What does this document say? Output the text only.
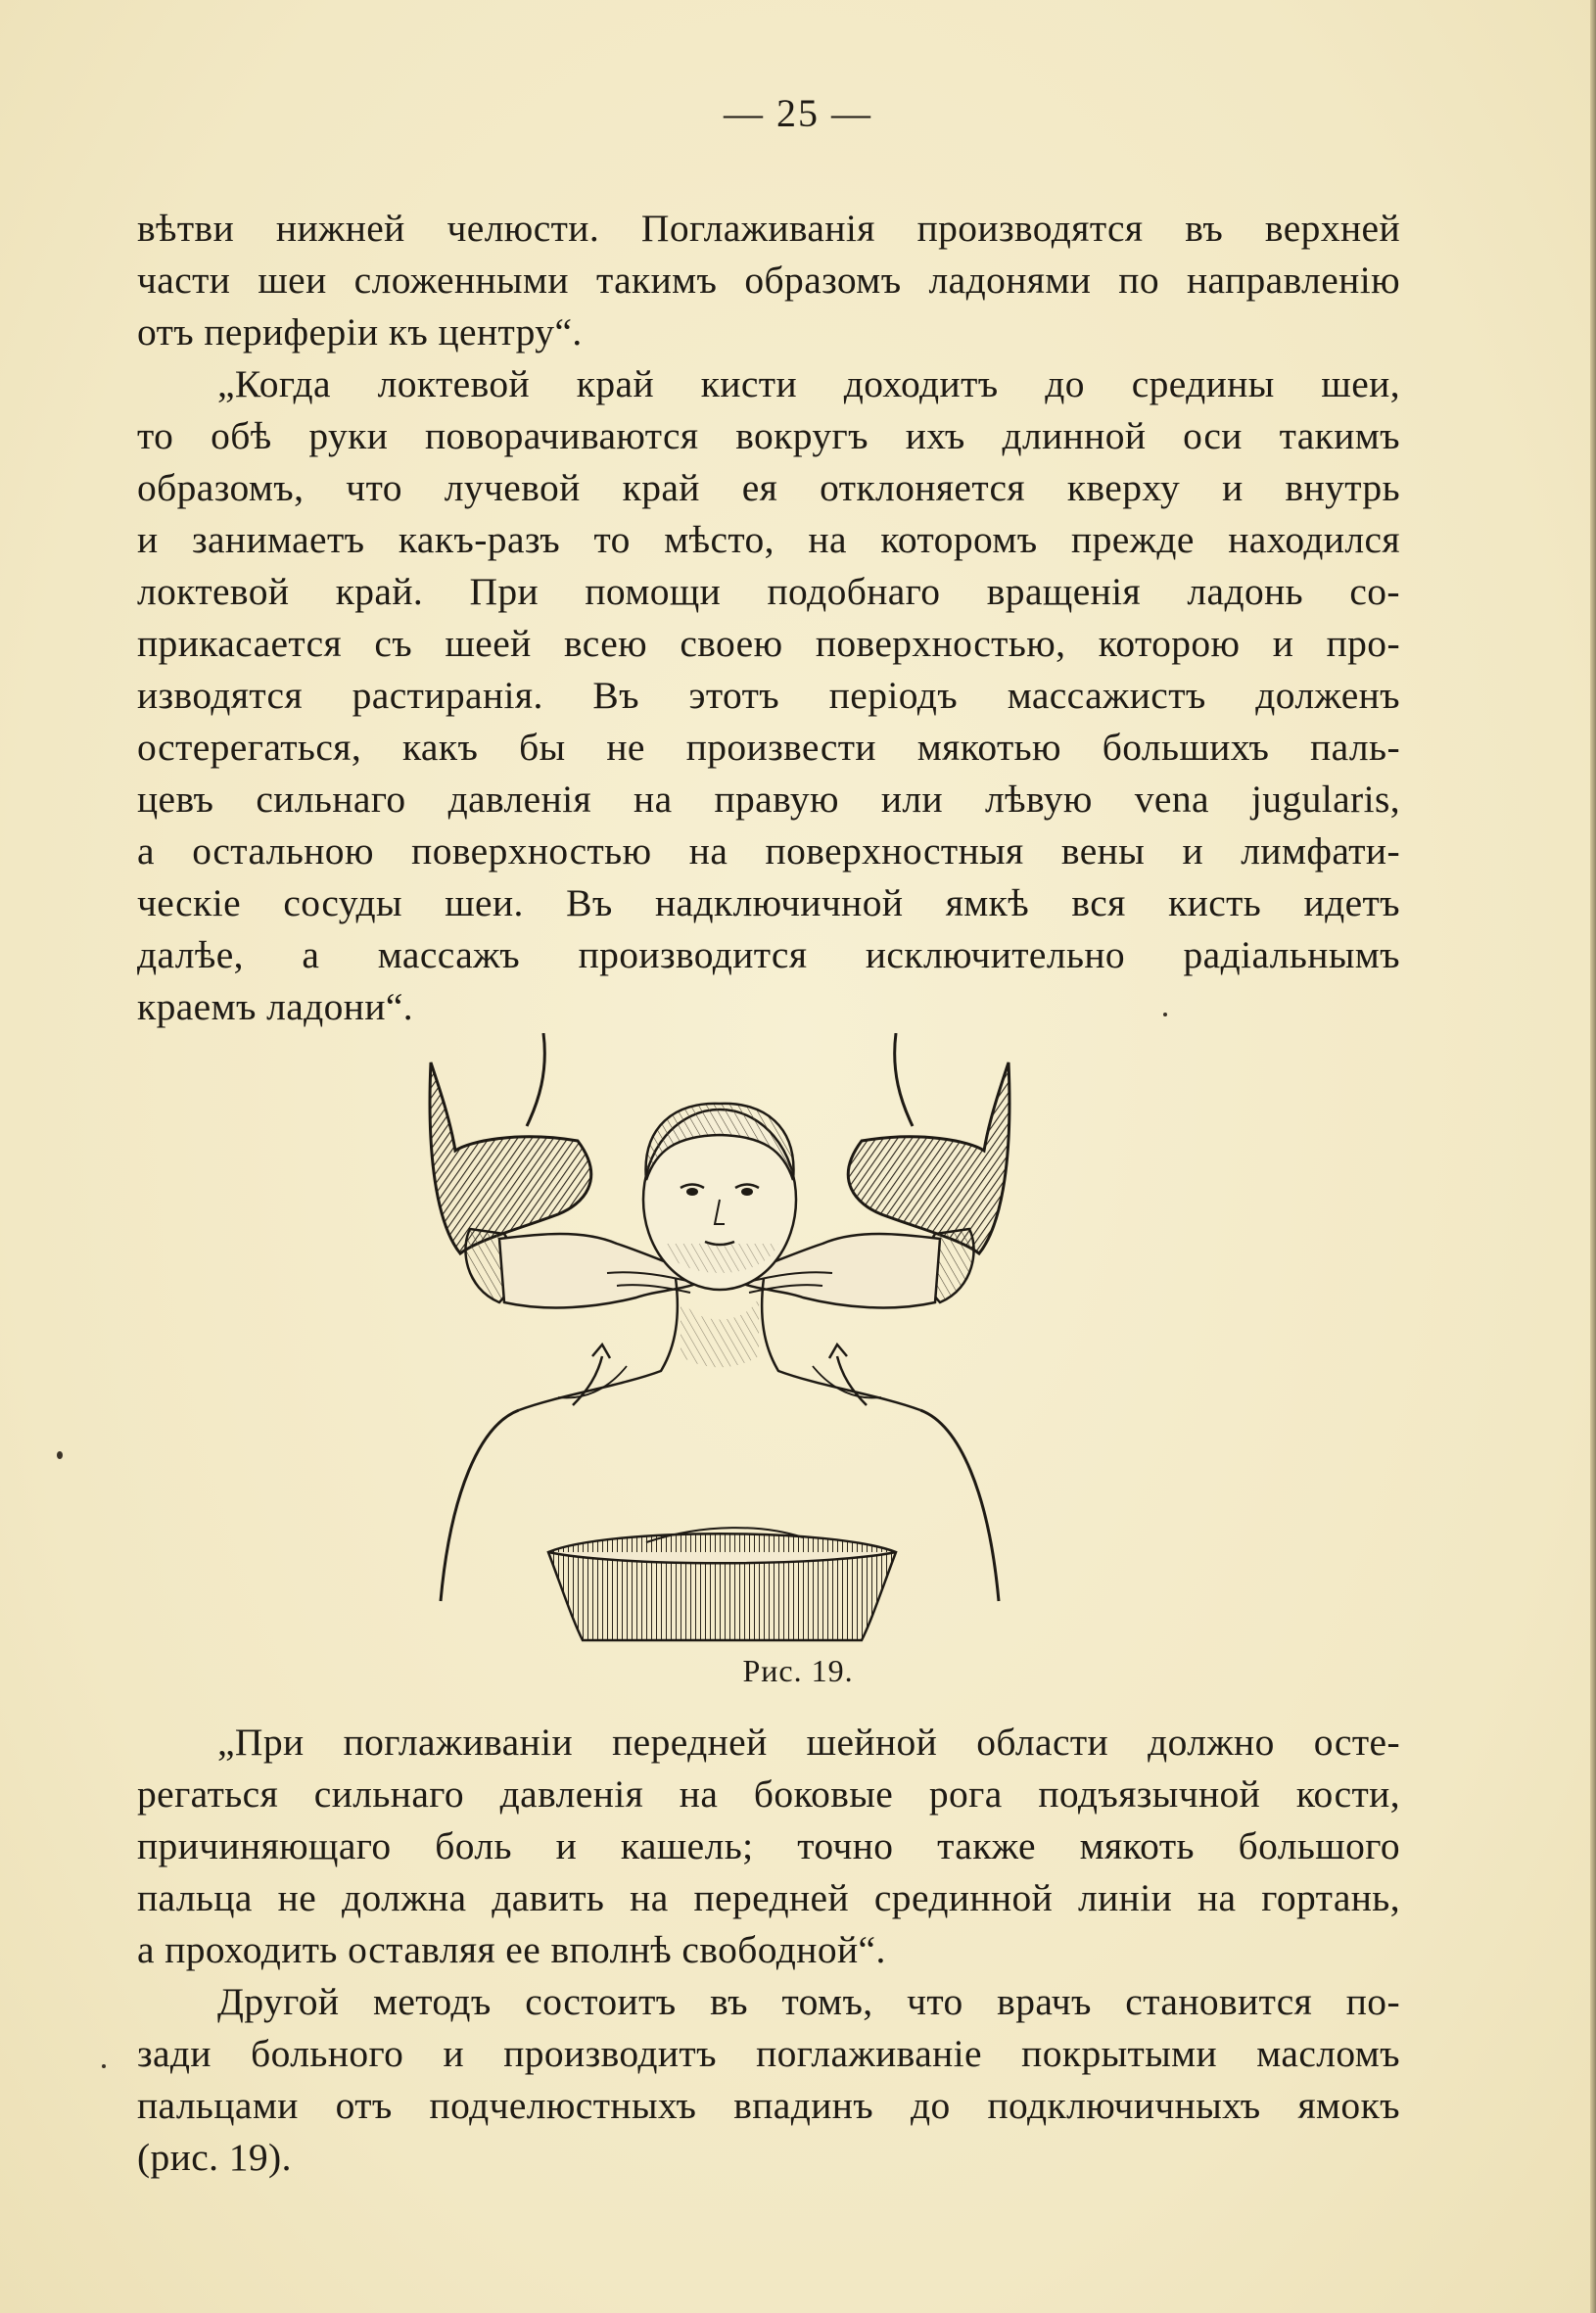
— 25 —
вѣтви нижней челюсти. Поглаживанія производятся въ верхней
части шеи сложенными такимъ образомъ ладонями по направленію
отъ периферіи къ центру“.
„Когда локтевой край кисти доходитъ до средины шеи,
то обѣ руки поворачиваются вокругъ ихъ длинной оси такимъ
образомъ, что лучевой край ея отклоняется кверху и внутрь
и занимаетъ какъ-разъ то мѣсто, на которомъ прежде находился
локтевой край. При помощи подобнаго вращенія ладонь со-
прикасается съ шеей всею своею поверхностью, которою и про-
изводятся растиранія. Въ этотъ періодъ массажистъ долженъ
остерегаться, какъ бы не произвести мякотью большихъ паль-
цевъ сильнаго давленія на правую или лѣвую vena jugularis,
а остальною поверхностью на поверхностныя вены и лимфати-
ческіе сосуды шеи. Въ надключичной ямкѣ вся кисть идетъ
далѣе, а массажъ производится исключительно радіальнымъ
краемъ ладони“.
Рис. 19.
„При поглаживаніи передней шейной области должно осте-
регаться сильнаго давленія на боковые рога подъязычной кости,
причиняющаго боль и кашель; точно также мякоть большого
пальца не должна давить на передней срединной линіи на гортань,
а проходить оставляя ее вполнѣ свободной“.
Другой методъ состоитъ въ томъ, что врачъ становится по-
зади больного и производитъ поглаживаніе покрытыми масломъ
пальцами отъ подчелюстныхъ впадинъ до подключичныхъ ямокъ
(рис. 19).
